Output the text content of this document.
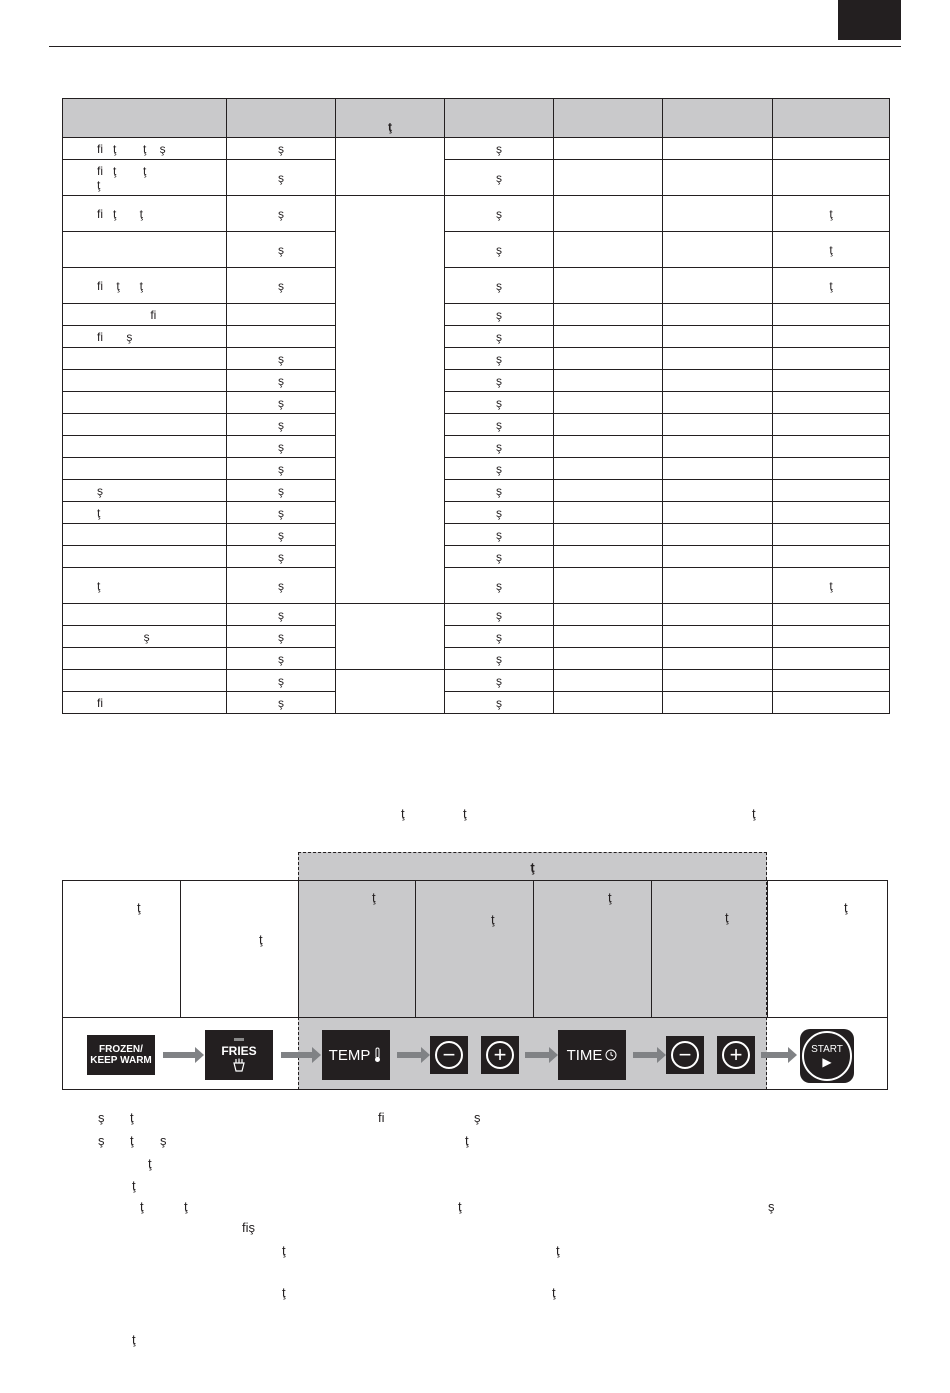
		ţ				
fi   ţ        ţ    ş	ş		ş			
fi   ţ        ţ
ţ	ş		ş			
fi   ţ       ţ	ş		ş			ţ
	ş		ş			ţ
fi    ţ      ţ	ş		ş			ţ
fi			ş			
fi       ş			ş			
	ş		ş			
	ş		ş			
	ş		ş			
	ş		ş			
	ş		ş			
	ş		ş			
ş	ş		ş			
ţ	ş		ş			
	ş		ş			
	ş		ş			
ţ	ş		ş			ţ
	ş		ş			
ş	ş		ş			
	ş		ş			
	ş		ş			
fi	ş		ş			
ţ	ţ	ţ
ţ
ţ
ţ
ţ
ţ
ţ
ţ
ţ
FROZEN/
KEEP WARM
FRIES	TEMP	−	+	TIME	−	+	START
▶
ş ţ	fi	ş
ş ţ ş	ţ
ţ
ţ
ţ	ţ	ţ	ş
fiş
ţ	ţ
ţ	ţ
ţ
